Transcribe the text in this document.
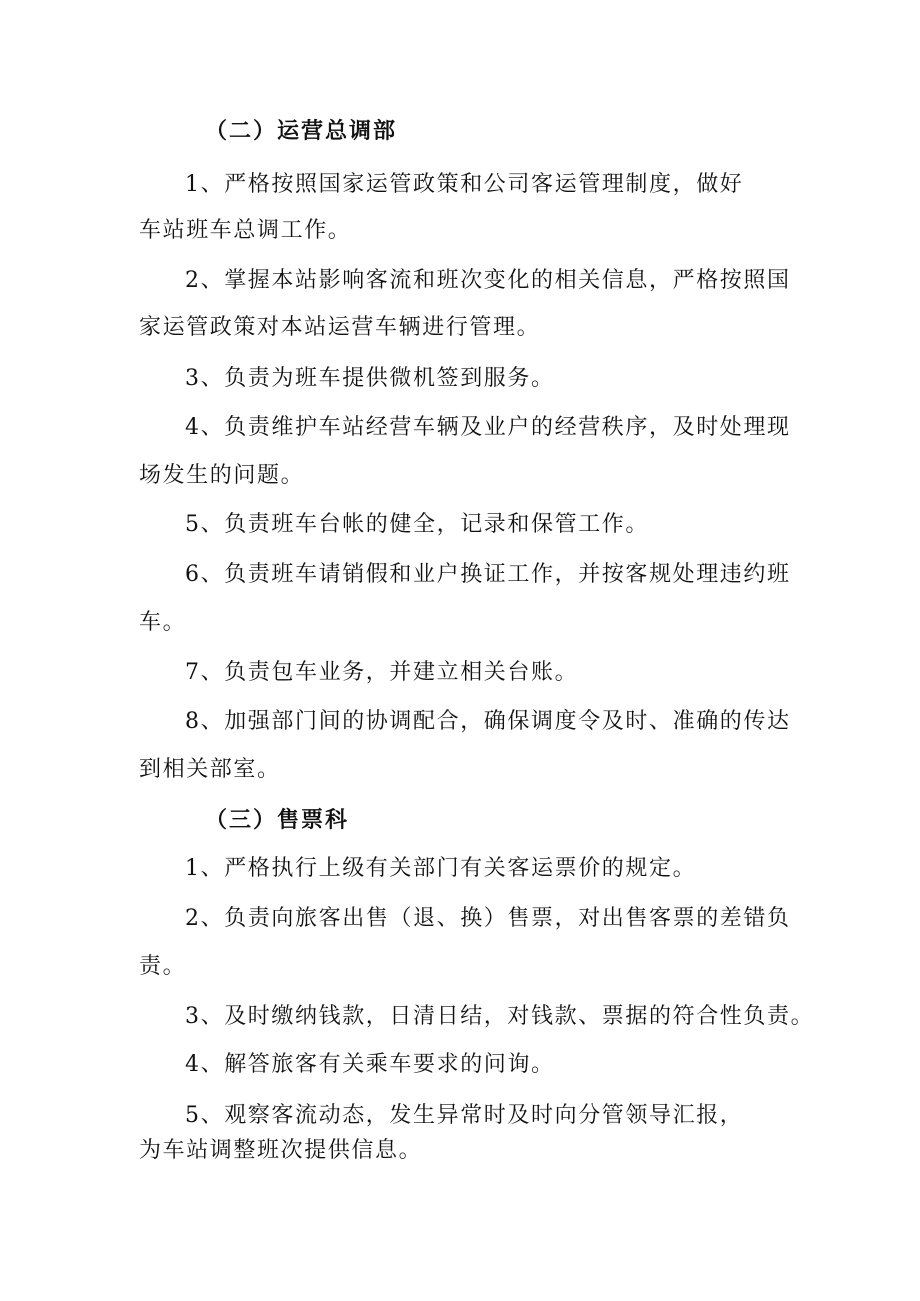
（二）运营总调部
1、严格按照国家运管政策和公司客运管理制度，做好
车站班车总调工作。
2、掌握本站影响客流和班次变化的相关信息，严格按照国
家运管政策对本站运营车辆进行管理。
3、负责为班车提供微机签到服务。
4、负责维护车站经营车辆及业户的经营秩序，及时处理现
场发生的问题。
5、负责班车台帐的健全，记录和保管工作。
6、负责班车请销假和业户换证工作，并按客规处理违约班
车。
7、负责包车业务，并建立相关台账。
8、加强部门间的协调配合，确保调度令及时、准确的传达
到相关部室。
（三）售票科
1、严格执行上级有关部门有关客运票价的规定。
2、负责向旅客出售（退、换）售票，对出售客票的差错负
责。
3、及时缴纳钱款，日清日结，对钱款、票据的符合性负责。
4、解答旅客有关乘车要求的问询。
5、观察客流动态，发生异常时及时向分管领导汇报，
为车站调整班次提供信息。
